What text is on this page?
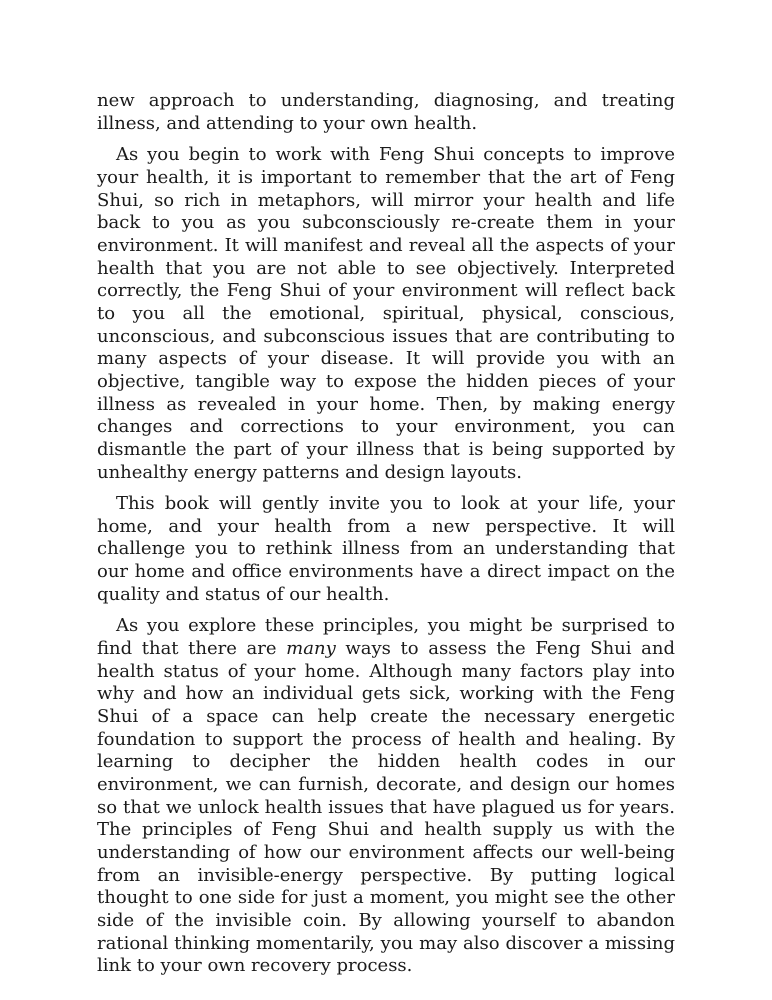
new approach to understanding, diagnosing, and treating illness, and attending to your own health.

As you begin to work with Feng Shui concepts to improve your health, it is important to remember that the art of Feng Shui, so rich in metaphors, will mirror your health and life back to you as you subconsciously re-create them in your environment. It will manifest and reveal all the aspects of your health that you are not able to see objectively. Interpreted correctly, the Feng Shui of your environment will reflect back to you all the emotional, spiritual, physical, conscious, unconscious, and subconscious issues that are contributing to many aspects of your disease. It will provide you with an objective, tangible way to expose the hidden pieces of your illness as revealed in your home. Then, by making energy changes and corrections to your environment, you can dismantle the part of your illness that is being supported by unhealthy energy patterns and design layouts.

This book will gently invite you to look at your life, your home, and your health from a new perspective. It will challenge you to rethink illness from an understanding that our home and office environments have a direct impact on the quality and status of our health.

As you explore these principles, you might be surprised to find that there are many ways to assess the Feng Shui and health status of your home. Although many factors play into why and how an individual gets sick, working with the Feng Shui of a space can help create the necessary energetic foundation to support the process of health and healing. By learning to decipher the hidden health codes in our environment, we can furnish, decorate, and design our homes so that we unlock health issues that have plagued us for years. The principles of Feng Shui and health supply us with the understanding of how our environment affects our well-being from an invisible-energy perspective. By putting logical thought to one side for just a moment, you might see the other side of the invisible coin. By allowing yourself to abandon rational thinking momentarily, you may also discover a missing link to your own recovery process.
